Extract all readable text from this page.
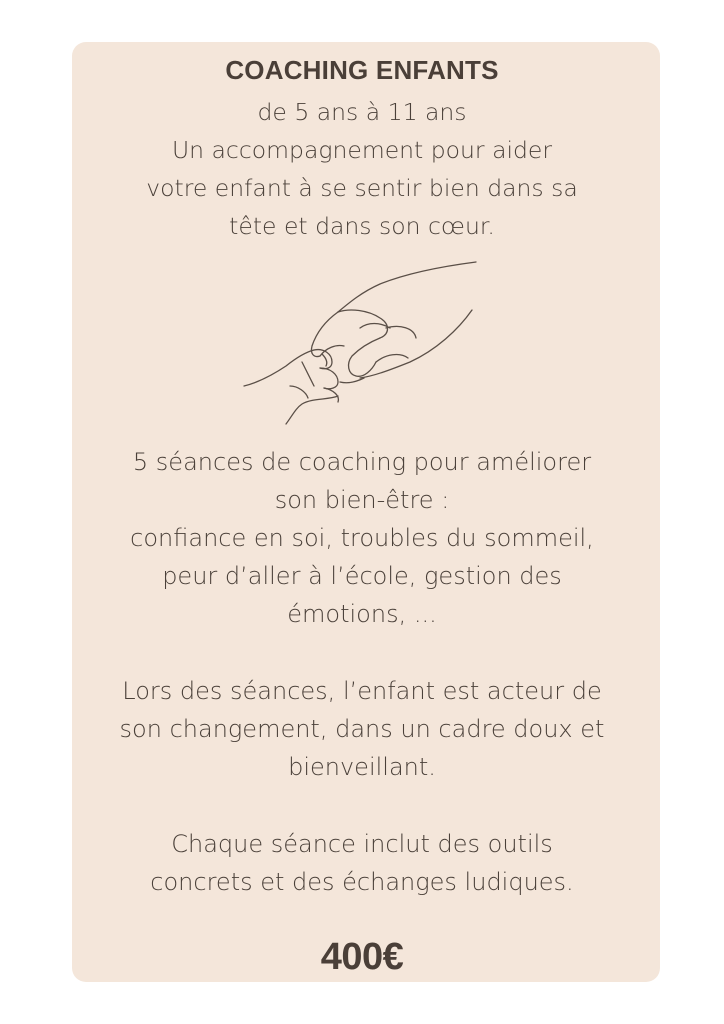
COACHING ENFANTS
de 5 ans à 11 ans
Un accompagnement pour aider
votre enfant à se sentir bien dans sa
tête et dans son cœur.
5 séances de coaching pour améliorer
son bien-être :
confiance en soi, troubles du sommeil,
peur d’aller à l’école, gestion des
émotions, ...
Lors des séances, l’enfant est acteur de
son changement, dans un cadre doux et
bienveillant.
Chaque séance inclut des outils
concrets et des échanges ludiques.
400€
